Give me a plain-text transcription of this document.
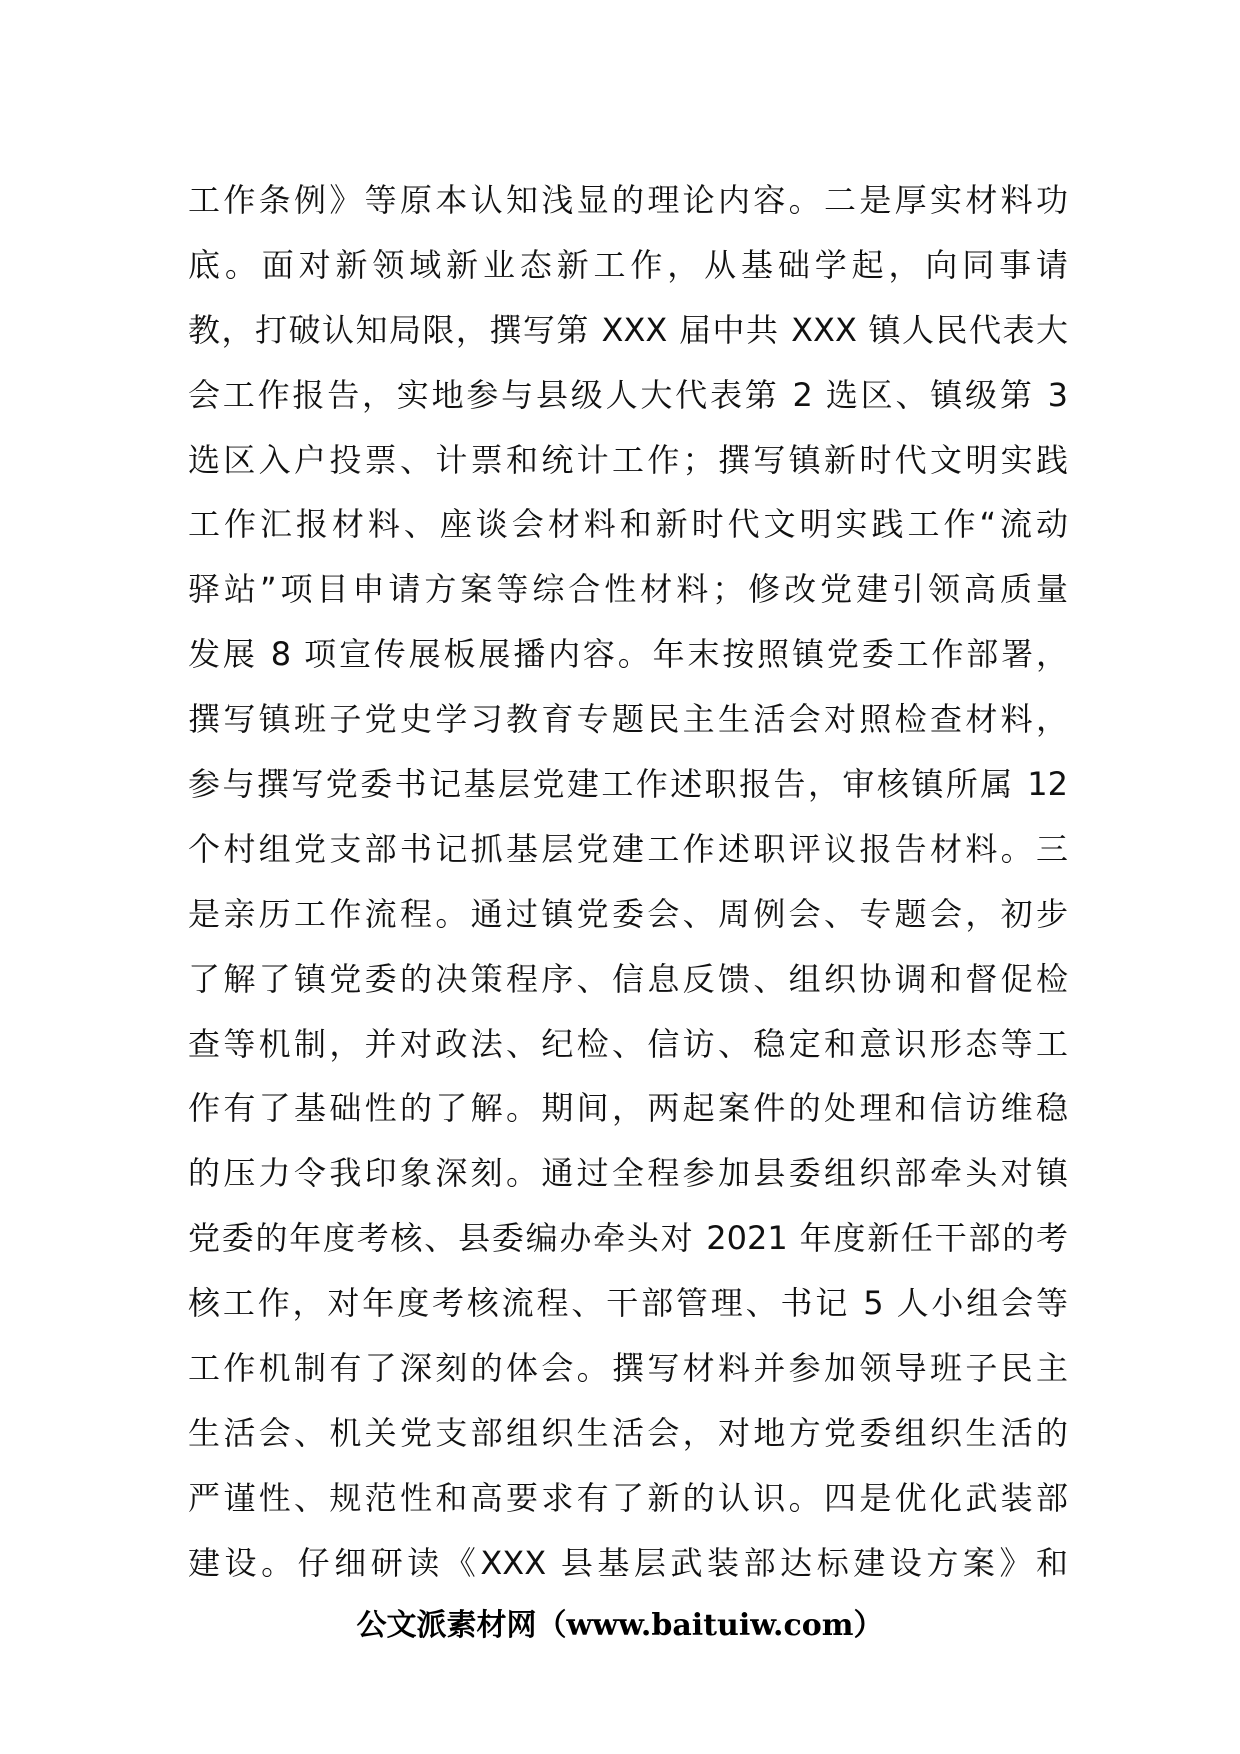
工作条例》等原本认知浅显的理论内容。二是厚实材料功
底。面对新领域新业态新工作，从基础学起，向同事请
教，打破认知局限，撰写第 XXX 届中共 XXX 镇人民代表大
会工作报告，实地参与县级人大代表第 2 选区、镇级第 3
选区入户投票、计票和统计工作；撰写镇新时代文明实践
工作汇报材料、座谈会材料和新时代文明实践工作“流动
驿站”项目申请方案等综合性材料；修改党建引领高质量
发展 8 项宣传展板展播内容。年末按照镇党委工作部署，
撰写镇班子党史学习教育专题民主生活会对照检查材料，
参与撰写党委书记基层党建工作述职报告，审核镇所属 12
个村组党支部书记抓基层党建工作述职评议报告材料。三
是亲历工作流程。通过镇党委会、周例会、专题会，初步
了解了镇党委的决策程序、信息反馈、组织协调和督促检
查等机制，并对政法、纪检、信访、稳定和意识形态等工
作有了基础性的了解。期间，两起案件的处理和信访维稳
的压力令我印象深刻。通过全程参加县委组织部牵头对镇
党委的年度考核、县委编办牵头对 2021 年度新任干部的考
核工作，对年度考核流程、干部管理、书记 5 人小组会等
工作机制有了深刻的体会。撰写材料并参加领导班子民主
生活会、机关党支部组织生活会，对地方党委组织生活的
严谨性、规范性和高要求有了新的认识。四是优化武装部
建设。仔细研读《XXX 县基层武装部达标建设方案》和
公文派素材网（www.baituiw.com）
